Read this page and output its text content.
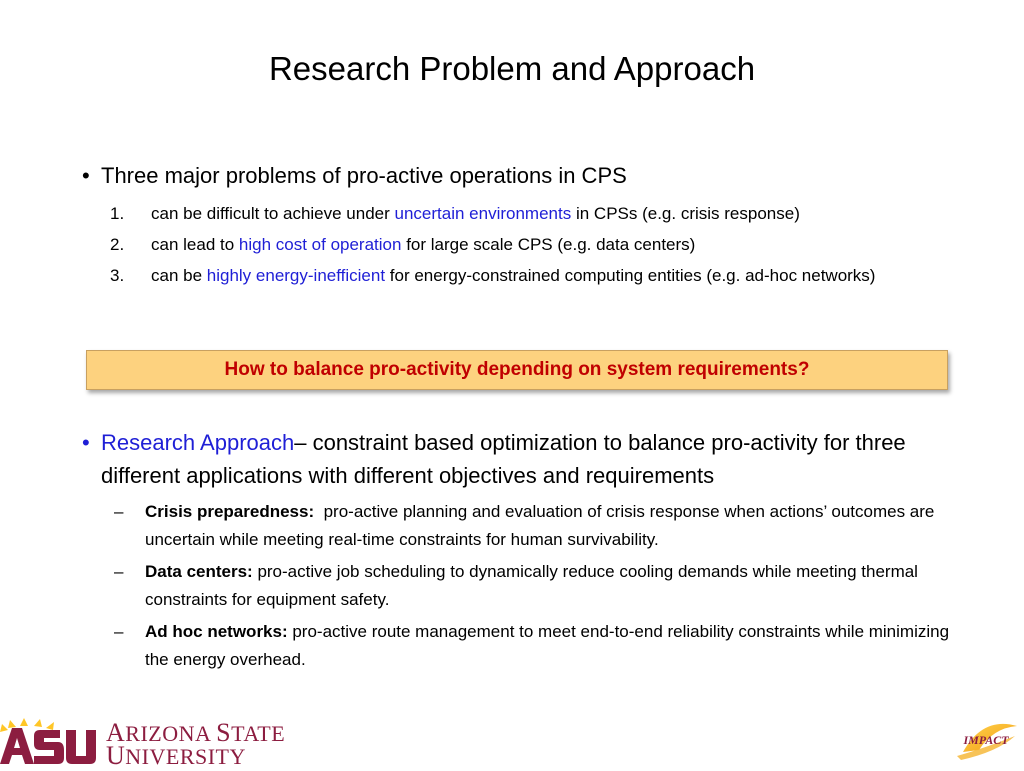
Research Problem and Approach
• Three major problems of pro-active operations in CPS
1.	can be difficult to achieve under uncertain environments in CPSs (e.g. crisis response)
2.	can lead to high cost of operation for large scale CPS (e.g. data centers)
3.	can be highly energy-inefficient for energy-constrained computing entities (e.g. ad-hoc networks)
How to balance pro-activity depending on system requirements?
• Research Approach– constraint based optimization to balance pro-activity for three different applications with different objectives and requirements
– Crisis preparedness:  pro-active planning and evaluation of crisis response when actions’ outcomes are uncertain while meeting real-time constraints for human survivability.
– Data centers: pro-active job scheduling to dynamically reduce cooling demands while meeting thermal constraints for equipment safety.
– Ad hoc networks: pro-active route management to meet end-to-end reliability constraints while minimizing the energy overhead.
ARIZONA STATE
UNIVERSITY
IMPACT
